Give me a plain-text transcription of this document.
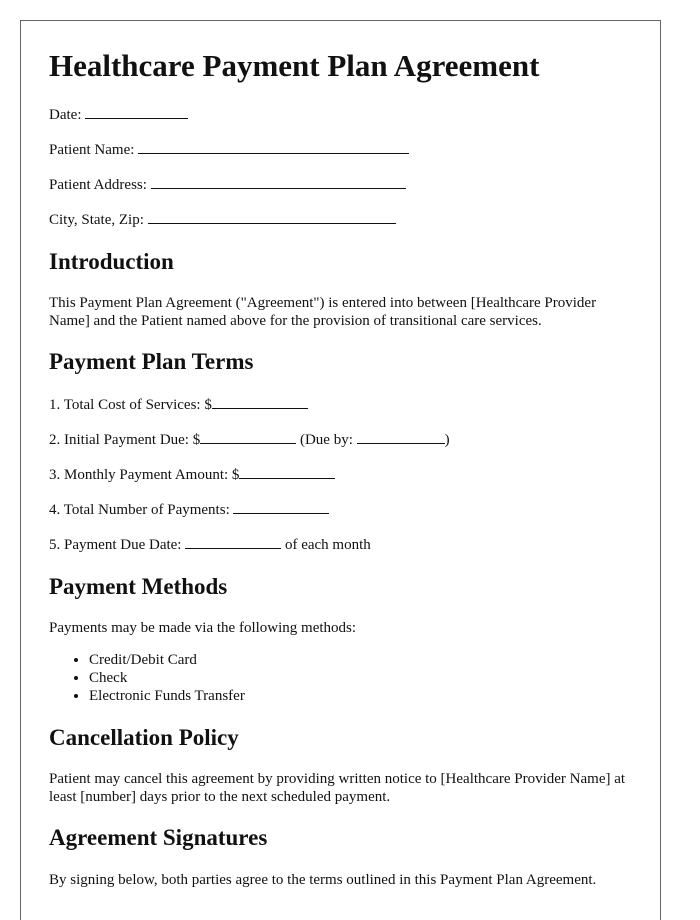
Healthcare Payment Plan Agreement
Date:
Patient Name:
Patient Address:
City, State, Zip:
Introduction

This Payment Plan Agreement ("Agreement") is entered into between [Healthcare Provider Name] and the Patient named above for the provision of transitional care services.

Payment Plan Terms
1. Total Cost of Services: $
2. Initial Payment Due: $	(Due by:	)
3. Monthly Payment Amount: $
4. Total Number of Payments:
5. Payment Due Date:	of each month
Payment Methods

Payments may be made via the following methods:

• Credit/Debit Card
• Check
• Electronic Funds Transfer
Cancellation Policy

Patient may cancel this agreement by providing written notice to [Healthcare Provider Name] at least [number] days prior to the next scheduled payment.

Agreement Signatures

By signing below, both parties agree to the terms outlined in this Payment Plan Agreement.
